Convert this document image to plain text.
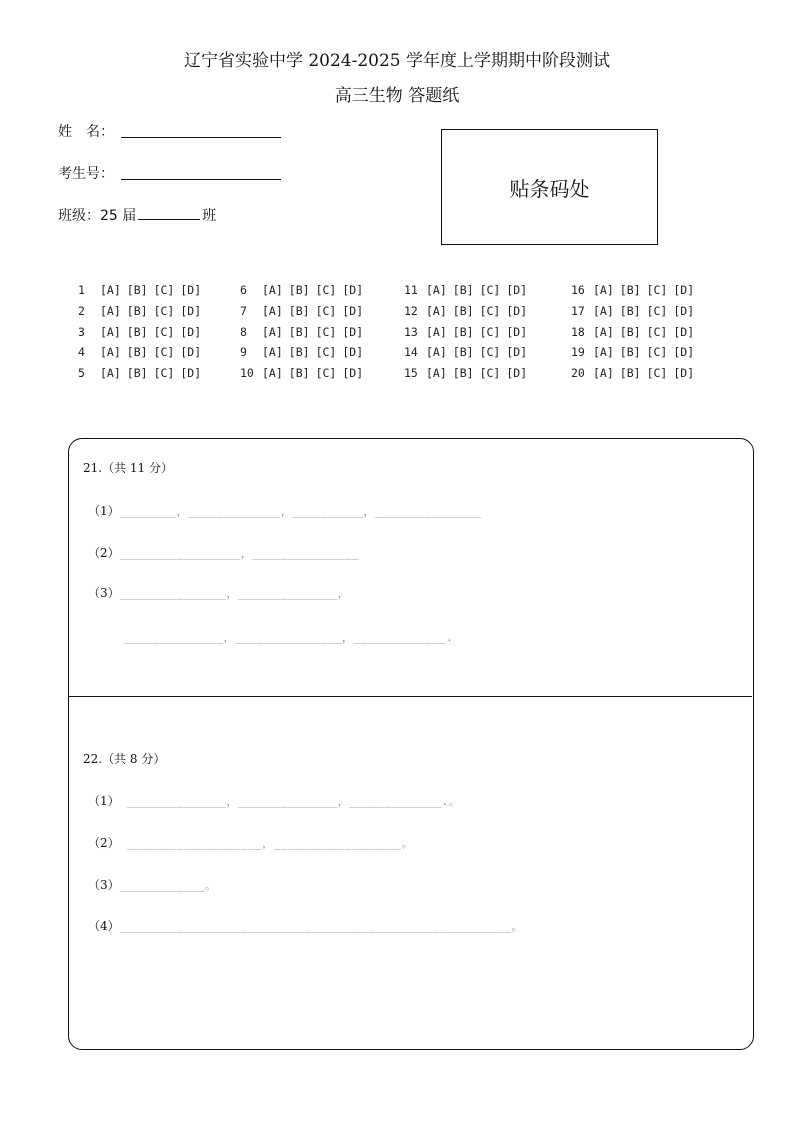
辽宁省实验中学 2024-2025 学年度上学期期中阶段测试
高三生物 答题纸
姓　名：
考生号：
班级：25 届	班
贴条码处
1 [A] [B] [C] [D]
2 [A] [B] [C] [D]
3 [A] [B] [C] [D]
4 [A] [B] [C] [D]
5 [A] [B] [C] [D]
6 [A] [B] [C] [D]
7 [A] [B] [C] [D]
8 [A] [B] [C] [D]
9 [A] [B] [C] [D]
10 [A] [B] [C] [D]
11 [A] [B] [C] [D]
12 [A] [B] [C] [D]
13 [A] [B] [C] [D]
14 [A] [B] [C] [D]
15 [A] [B] [C] [D]
16 [A] [B] [C] [D]
17 [A] [B] [C] [D]
18 [A] [B] [C] [D]
19 [A] [B] [C] [D]
20 [A] [B] [C] [D]
21.（共 11 分）
（1）________，_____________，__________，_______________
（2）_________________，_______________
（3）_______________，______________，
______________，_______________，_____________.
22.（共 8 分）
（1） ______________，______________，_____________.。
（2） ___________________，__________________。
（3）____________。
（4）_______________________________________________________。
